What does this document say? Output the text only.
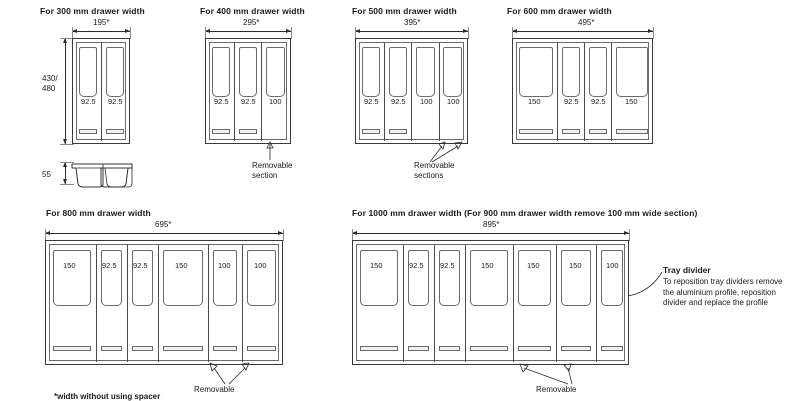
For 300 mm drawer width
195*
430/
480
92.5 92.5
55
For 400 mm drawer width
295*
92.5 92.5 100
Removable
section
For 500 mm drawer width
395*
92.5 92.5 100 100
Removable
sections
For 600 mm drawer width
495*
150	92.5 92.5	150
For 800 mm drawer width
695*
150	92.5 92.5	150	100	100
Removable
For 1000 mm drawer width (For 900 mm drawer width remove 100 mm wide section)
895*
150	92.5 92.5	150	150	150	100
Removable
Tray divider
To reposition tray dividers remove the aluminium profile, reposition divider and replace the profile
*width without using spacer
